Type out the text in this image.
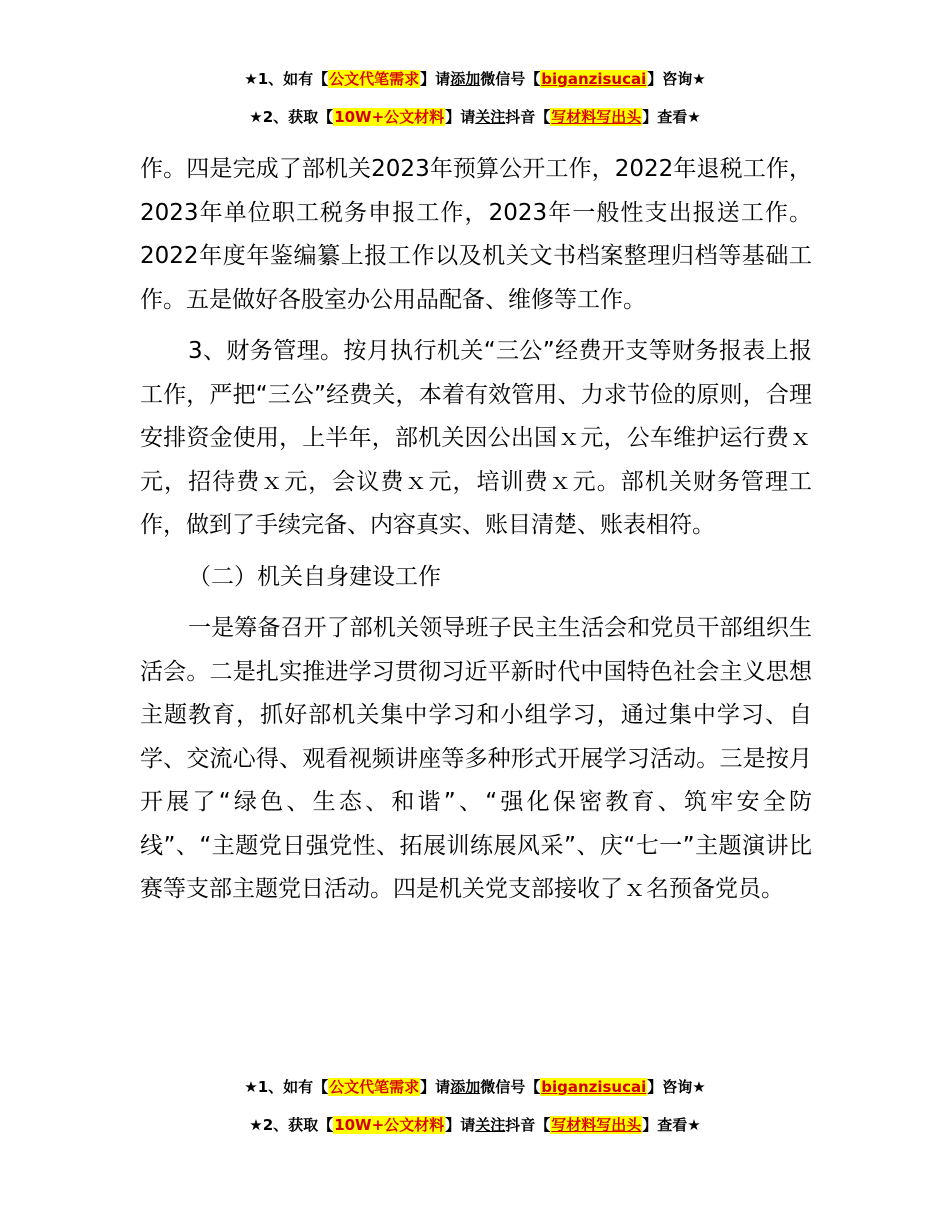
★1、如有【公文代笔需求】请添加微信号【biganzisucai】咨询★
★2、获取【10W+公文材料】请关注抖音【写材料写出头】查看★

作。四是完成了部机关2023年预算公开工作，2022年退税工作，2023年单位职工税务申报工作，2023年一般性支出报送工作。2022年度年鉴编纂上报工作以及机关文书档案整理归档等基础工作。五是做好各股室办公用品配备、维修等工作。

3、财务管理。按月执行机关“三公”经费开支等财务报表上报工作，严把“三公”经费关，本着有效管用、力求节俭的原则，合理安排资金使用，上半年，部机关因公出国ｘ元，公车维护运行费ｘ元，招待费ｘ元，会议费ｘ元，培训费ｘ元。部机关财务管理工作，做到了手续完备、内容真实、账目清楚、账表相符。

（二）机关自身建设工作

一是筹备召开了部机关领导班子民主生活会和党员干部组织生活会。二是扎实推进学习贯彻习近平新时代中国特色社会主义思想主题教育，抓好部机关集中学习和小组学习，通过集中学习、自学、交流心得、观看视频讲座等多种形式开展学习活动。三是按月开展了“绿色、生态、和谐”、“强化保密教育、筑牢安全防线”、“主题党日强党性、拓展训练展风采”、庆“七一”主题演讲比赛等支部主题党日活动。四是机关党支部接收了ｘ名预备党员。

★1、如有【公文代笔需求】请添加微信号【biganzisucai】咨询★
★2、获取【10W+公文材料】请关注抖音【写材料写出头】查看★
